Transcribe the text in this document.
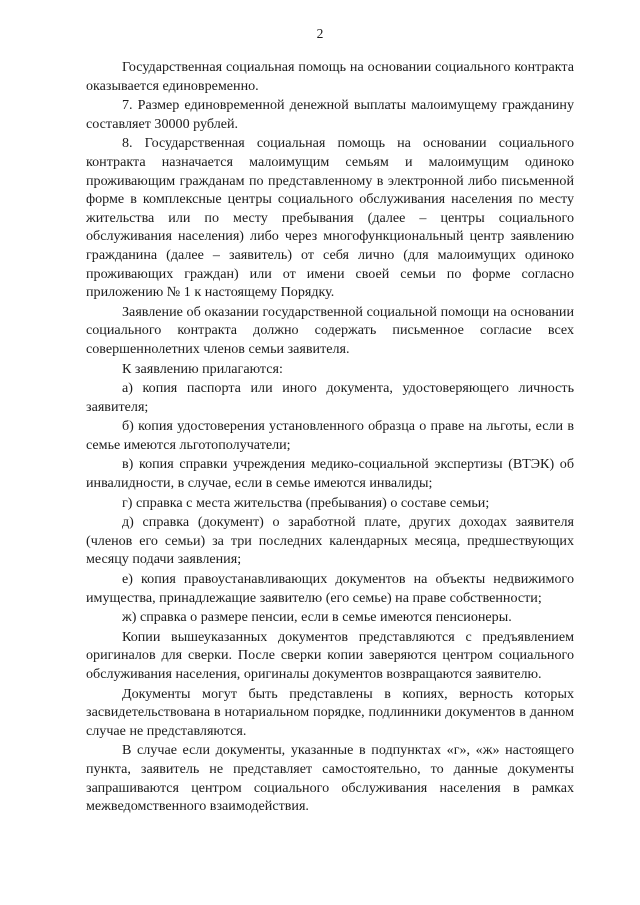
2

Государственная социальная помощь на основании социального контракта оказывается единовременно.

7. Размер единовременной денежной выплаты малоимущему гражданину составляет 30000 рублей.

8. Государственная социальная помощь на основании социального контракта назначается малоимущим семьям и малоимущим одиноко проживающим гражданам по представленному в электронной либо письменной форме в комплексные центры социального обслуживания населения по месту жительства или по месту пребывания (далее – центры социального обслуживания населения) либо через многофункциональный центр заявлению гражданина (далее – заявитель) от себя лично (для малоимущих одиноко проживающих граждан) или от имени своей семьи по форме согласно приложению № 1 к настоящему Порядку.

Заявление об оказании государственной социальной помощи на основании социального контракта должно содержать письменное согласие всех совершеннолетних членов семьи заявителя.

К заявлению прилагаются:

а) копия паспорта или иного документа, удостоверяющего личность заявителя;

б) копия удостоверения установленного образца о праве на льготы, если в семье имеются льготополучатели;

в) копия справки учреждения медико-социальной экспертизы (ВТЭК) об инвалидности, в случае, если в семье имеются инвалиды;

г) справка с места жительства (пребывания) о составе семьи;

д) справка (документ) о заработной плате, других доходах заявителя (членов его семьи) за три последних календарных месяца, предшествующих месяцу подачи заявления;

е) копия правоустанавливающих документов на объекты недвижимого имущества, принадлежащие заявителю (его семье) на праве собственности;

ж) справка о размере пенсии, если в семье имеются пенсионеры.

Копии вышеуказанных документов представляются с предъявлением оригиналов для сверки. После сверки копии заверяются центром социального обслуживания населения, оригиналы документов возвращаются заявителю.

Документы могут быть представлены в копиях, верность которых засвидетельствована в нотариальном порядке, подлинники документов в данном случае не представляются.

В случае если документы, указанные в подпунктах «г», «ж» настоящего пункта, заявитель не представляет самостоятельно, то данные документы запрашиваются центром социального обслуживания населения в рамках межведомственного взаимодействия.
